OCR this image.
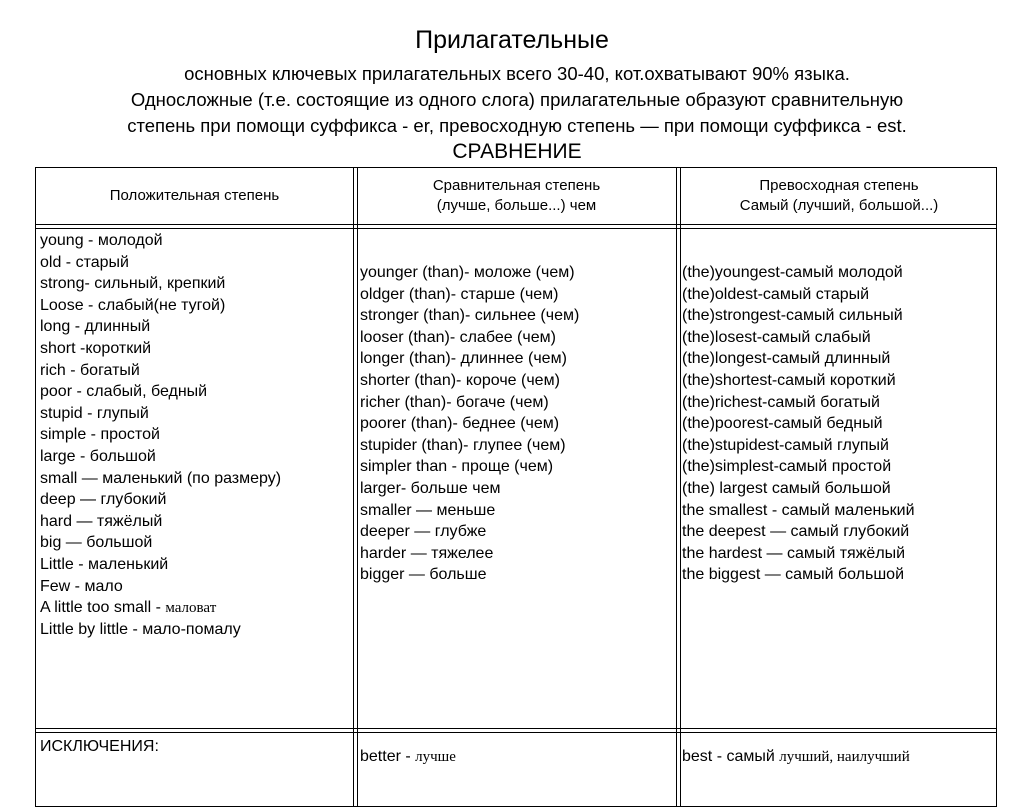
Прилагательные
основных ключевых прилагательных всего 30-40, кот.охватывают 90% языка.
Односложные (т.е. состоящие из одного слога) прилагательные образуют сравнительную
степень при помощи суффикса - er, превосходную степень — при помощи суффикса - est.
СРАВНЕНИЕ
Положительная степень
Сравнительная степень
(лучше, больше...) чем
Превосходная степень
Самый (лучший, большой...)
young - молодой
old - старый
strong- сильный, крепкий
Loose - слабый(не тугой)
long - длинный
short -короткий
rich - богатый
poor - слабый, бедный
stupid - глупый
simple - простой
large - большой
small — маленький (по размеру)
deep — глубокий
hard — тяжёлый
big — большой
Little - маленький
Few - мало
A little too small - маловат
Little by little - мало-помалу
younger (than)- моложе (чем)
oldger (than)- старше (чем)
stronger (than)- сильнее (чем)
looser (than)- слабее (чем)
longer (than)- длиннее (чем)
shorter (than)- короче (чем)
richer (than)- богаче (чем)
poorer (than)- беднее (чем)
stupider (than)- глупее (чем)
simpler than - проще (чем)
larger- больше чем
smaller — меньше
deeper — глубже
harder — тяжелее
bigger — больше
(the)youngest-самый молодой
(the)oldest-самый старый
(the)strongest-самый сильный
(the)losest-самый слабый
(the)longest-самый длинный
(the)shortest-самый короткий
(the)richest-самый богатый
(the)poorest-самый бедный
(the)stupidest-самый глупый
(the)simplest-самый простой
(the) largest самый большой
the smallest - самый маленький
the deepest — самый глубокий
the hardest — самый тяжёлый
the biggest — самый большой
ИСКЛЮЧЕНИЯ:
better - лучше	best - самый лучший, наилучший
